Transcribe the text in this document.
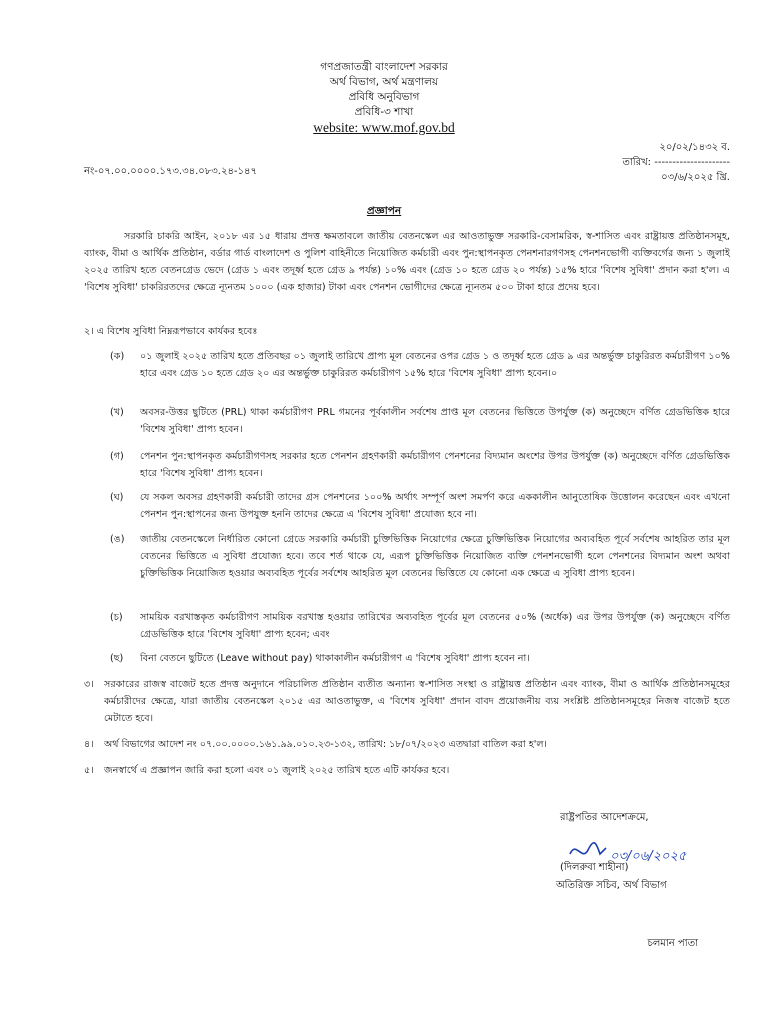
গণপ্রজাতন্ত্রী বাংলাদেশ সরকার
অর্থ বিভাগ, অর্থ মন্ত্রণালয়
প্রবিধি অনুবিভাগ
প্রবিধি-৩ শাখা
website: www.mof.gov.bd
২০/০২/১৪৩২ ব.
তারিখ: ---------------------
০৩/৬/২০২৫ খ্রি.
নং-০৭.০০.০০০০.১৭৩.৩৪.০৮৩.২৪-১৪৭
প্রজ্ঞাপন
সরকারি চাকরি আইন, ২০১৮ এর ১৫ ধারায় প্রদত্ত ক্ষমতাবলে জাতীয় বেতনস্কেল এর আওতাভুক্ত সরকারি-বেসামরিক, স্ব-শাসিত এবং রাষ্ট্রায়ত্ত প্রতিষ্ঠানসমূহ, ব্যাংক, বীমা ও আর্থিক প্রতিষ্ঠান, বর্ডার গার্ড বাংলাদেশ ও পুলিশ বাহিনীতে নিয়োজিত কর্মচারী এবং পুন:স্থাপনকৃত পেনশনারগণসহ পেনশনভোগী ব্যক্তিবর্গের জন্য ১ জুলাই ২০২৫ তারিখ হতে বেতনগ্রেড ভেদে (গ্রেড ১ এবং তদূর্ধ্ব হতে গ্রেড ৯ পর্যন্ত) ১০% এবং (গ্রেড ১০ হতে গ্রেড ২০ পর্যন্ত) ১৫% হারে 'বিশেষ সুবিধা' প্রদান করা হ'ল। এ 'বিশেষ সুবিধা' চাকরিরতদের ক্ষেত্রে ন্যূনতম ১০০০ (এক হাজার) টাকা এবং পেনশন ভোগীদের ক্ষেত্রে ন্যূনতম ৫০০ টাকা হারে প্রদেয় হবে।
২। এ বিশেষ সুবিধা নিম্নরূপভাবে কার্যকর হবেঃ
(ক)	০১ জুলাই ২০২৫ তারিখ হতে প্রতিবছর ০১ জুলাই তারিখে প্রাপ্য মূল বেতনের ওপর গ্রেড ১ ও তদূর্ধ্ব হতে গ্রেড ৯ এর অন্তর্ভুক্ত চাকুরিরত কর্মচারীগণ ১০% হারে এবং গ্রেড ১০ হতে গ্রেড ২০ এর অন্তর্ভুক্ত চাকুরিরত কর্মচারীগণ ১৫% হারে 'বিশেষ সুবিধা' প্রাপ্য হবেন।০
(খ)	অবসর-উত্তর ছুটিতে (PRL) থাকা কর্মচারীগণ PRL গমনের পূর্বকালীন সর্বশেষ প্রাপ্ত মূল বেতনের ভিত্তিতে উপর্যুক্ত (ক) অনুচ্ছেদে বর্ণিত গ্রেডভিত্তিক হারে 'বিশেষ সুবিধা' প্রাপ্য হবেন।
(গ)	পেনশন পুন:স্থাপনকৃত কর্মচারীগণসহ সরকার হতে পেনশন গ্রহণকারী কর্মচারীগণ পেনশনের বিদ্যমান অংশের উপর উপর্যুক্ত (ক) অনুচ্ছেদে বর্ণিত গ্রেডভিত্তিক হারে 'বিশেষ সুবিধা' প্রাপ্য হবেন।
(ঘ)	যে সকল অবসর গ্রহণকারী কর্মচারী তাদের গ্রস পেনশনের ১০০% অর্থাৎ সম্পূর্ণ অংশ সমর্পণ করে এককালীন আনুতোষিক উত্তোলন করেছেন এবং এখনো পেনশন পুন:স্থাপনের জন্য উপযুক্ত হননি তাদের ক্ষেত্রে এ 'বিশেষ সুবিধা' প্রযোজ্য হবে না।
(ঙ)	জাতীয় বেতনস্কেলে নির্ধারিত কোনো গ্রেডে সরকারি কর্মচারী চুক্তিভিত্তিক নিয়োগের ক্ষেত্রে চুক্তিভিত্তিক নিয়োগের অব্যবহিত পূর্বে সর্বশেষ আহরিত তার মূল বেতনের ভিত্তিতে এ সুবিধা প্রযোজ্য হবে। তবে শর্ত থাকে যে, এরূপ চুক্তিভিত্তিক নিয়োজিত ব্যক্তি পেনশনভোগী হলে পেনশনের বিদ্যমান অংশ অথবা চুক্তিভিত্তিক নিয়োজিত হওয়ার অব্যবহিত পূর্বের সর্বশেষ আহরিত মূল বেতনের ভিত্তিতে যে কোনো এক ক্ষেত্রে এ সুবিধা প্রাপ্য হবেন।
(চ)	সাময়িক বরখাস্তকৃত কর্মচারীগণ সাময়িক বরখাস্ত হওয়ার তারিখের অব্যবহিত পূর্বের মূল বেতনের ৫০% (অর্ধেক) এর উপর উপর্যুক্ত (ক) অনুচ্ছেদে বর্ণিত গ্রেডভিত্তিক হারে 'বিশেষ সুবিধা' প্রাপ্য হবেন; এবং
(ছ)	বিনা বেতনে ছুটিতে (Leave without pay) থাকাকালীন কর্মচারীগণ এ 'বিশেষ সুবিধা' প্রাপ্য হবেন না।
৩। সরকারের রাজস্ব বাজেট হতে প্রদত্ত অনুদানে পরিচালিত প্রতিষ্ঠান ব্যতীত অন্যান্য স্ব-শাসিত সংস্থা ও রাষ্ট্রায়ত্ত প্রতিষ্ঠান এবং ব্যাংক, বীমা ও আর্থিক প্রতিষ্ঠানসমূহের কর্মচারীদের ক্ষেত্রে, যারা জাতীয় বেতনস্কেল ২০১৫ এর আওতাভুক্ত, এ 'বিশেষ সুবিধা' প্রদান বাবদ প্রয়োজনীয় ব্যয় সংশ্লিষ্ট প্রতিষ্ঠানসমূহের নিজস্ব বাজেট হতে মেটাতে হবে।
৪। অর্থ বিভাগের আদেশ নং ০৭.০০.০০০০.১৬১.৯৯.০১০.২৩-১৩২, তারিখ: ১৮/০৭/২০২৩ এতদ্বারা বাতিল করা হ'ল।
৫। জনস্বার্থে এ প্রজ্ঞাপন জারি করা হলো এবং ০১ জুলাই ২০২৫ তারিখ হতে এটি কার্যকর হবে।
রাষ্ট্রপতির আদেশক্রমে,
০৩/০৬/২০২৫
(দিলরুবা শাহীনা)
অতিরিক্ত সচিব, অর্থ বিভাগ
চলমান পাতা
